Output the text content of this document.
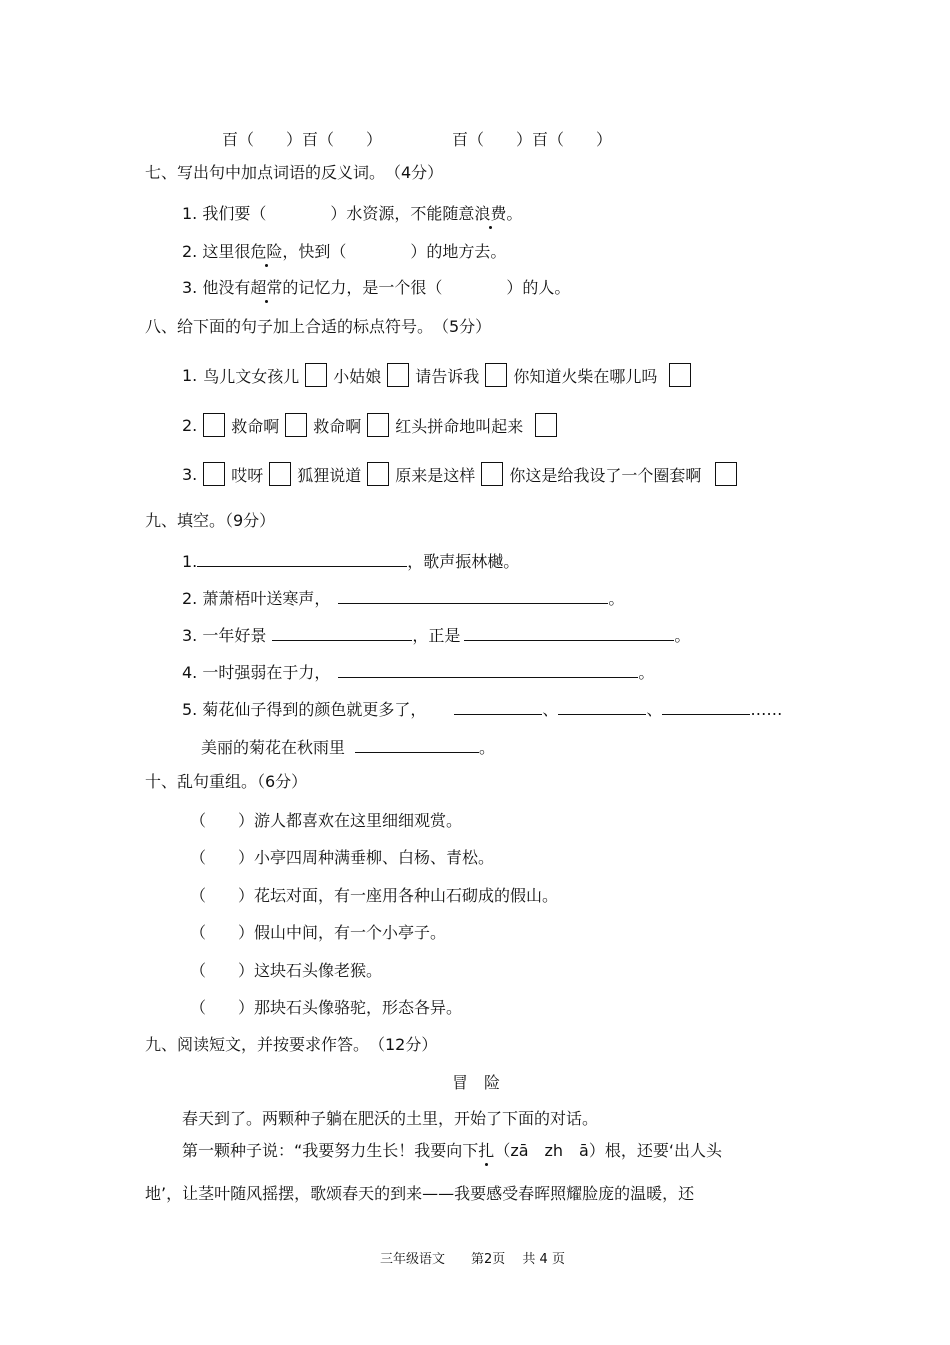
百（　　）百（　　）	百（　　）百（　　）
七、写出句中加点词语的反义词。　（4分）
1. 我们要（　　　　）水资源，不能随意浪费。
2. 这里很危险，快到（　　　　）的地方去。
3. 他没有超常的记忆力，是一个很（　　　　）的人。
八、给下面的句子加上合适的标点符号。　（5分）
1. 鸟儿文女孩儿 小姑娘 请告诉我 你知道火柴在哪儿吗
2. 救命啊 救命啊 红头拼命地叫起来
3. 哎呀 狐狸说道 原来是这样 你这是给我设了一个圈套啊
九、填空。（9分）
1.	，歌声振林樾。
2. 萧萧梧叶送寒声，	。
3. 一年好景	，正是	。
4. 一时强弱在于力，	。
5. 菊花仙子得到的颜色就更多了，	、	、	……
美丽的菊花在秋雨里	。
十、乱句重组。（6分）
（　　）游人都喜欢在这里细细观赏。
（　　）小亭四周种满垂柳、白杨、青松。
（　　）花坛对面，有一座用各种山石砌成的假山。
（　　）假山中间，有一个小亭子。
（　　）这块石头像老猴。
（　　）那块石头像骆驼，形态各异。
九、阅读短文，并按要求作答。　（12分）
冒　险
春天到了。两颗种子躺在肥沃的土里，开始了下面的对话。
第一颗种子说：“我要努力生长！我要向下扎（zā　zh　ā）根，还要‘出人头
地’，让茎叶随风摇摆，歌颂春天的到来——我要感受春晖照耀脸庞的温暖，还
三年级语文　　第2页　 共 4 页
